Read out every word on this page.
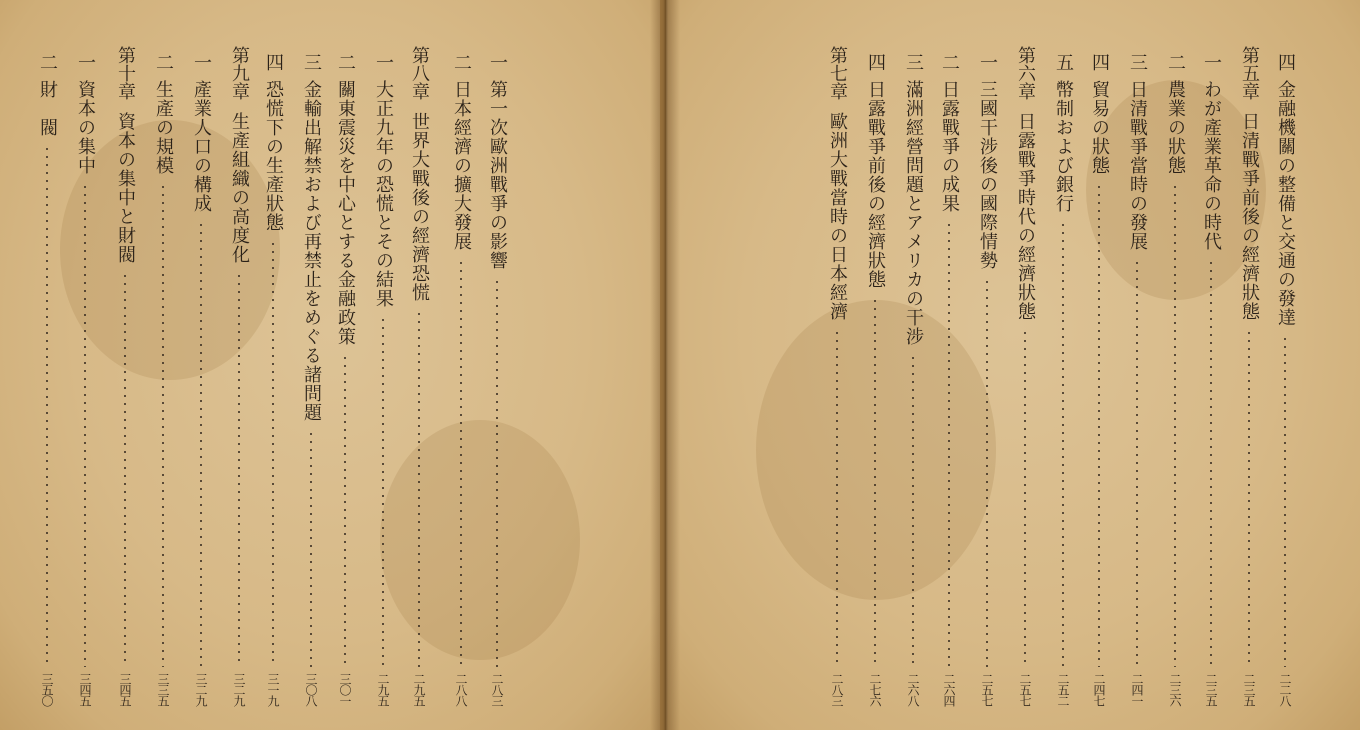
一
第一次歐洲戰爭の影響
二八三
二
日本經濟の擴大發展
二八八
第八章
世界大戰後の經濟恐慌
二九五
一
大正九年の恐慌とその結果
二九五
二
關東震災を中心とする金融政策
三〇一
三
金輸出解禁および再禁止をめぐる諸問題
三〇八
四
恐慌下の生產狀態
三一九
第九章
生產組織の高度化
三二九
一
產業人口の構成
三二九
二
生產の規模
三三五
第十章
資本の集中と財閥
三四五
一
資本の集中
三四五
二
財　閥
三五〇
四
金融機關の整備と交通の發達
二二八
第五章
日清戰爭前後の經濟狀態
二三五
一
わが產業革命の時代
二三五
二
農業の狀態
二三六
三
日清戰爭當時の發展
二四一
四
貿易の狀態
二四七
五
幣制および銀行
二五二
第六章
日露戰爭時代の經濟狀態
二五七
一
三國干涉後の國際情勢
二五七
二
日露戰爭の成果
二六四
三
滿洲經營問題とアメリカの干涉
二六八
四
日露戰爭前後の經濟狀態
二七六
第七章
歐洲大戰當時の日本經濟
二八三
